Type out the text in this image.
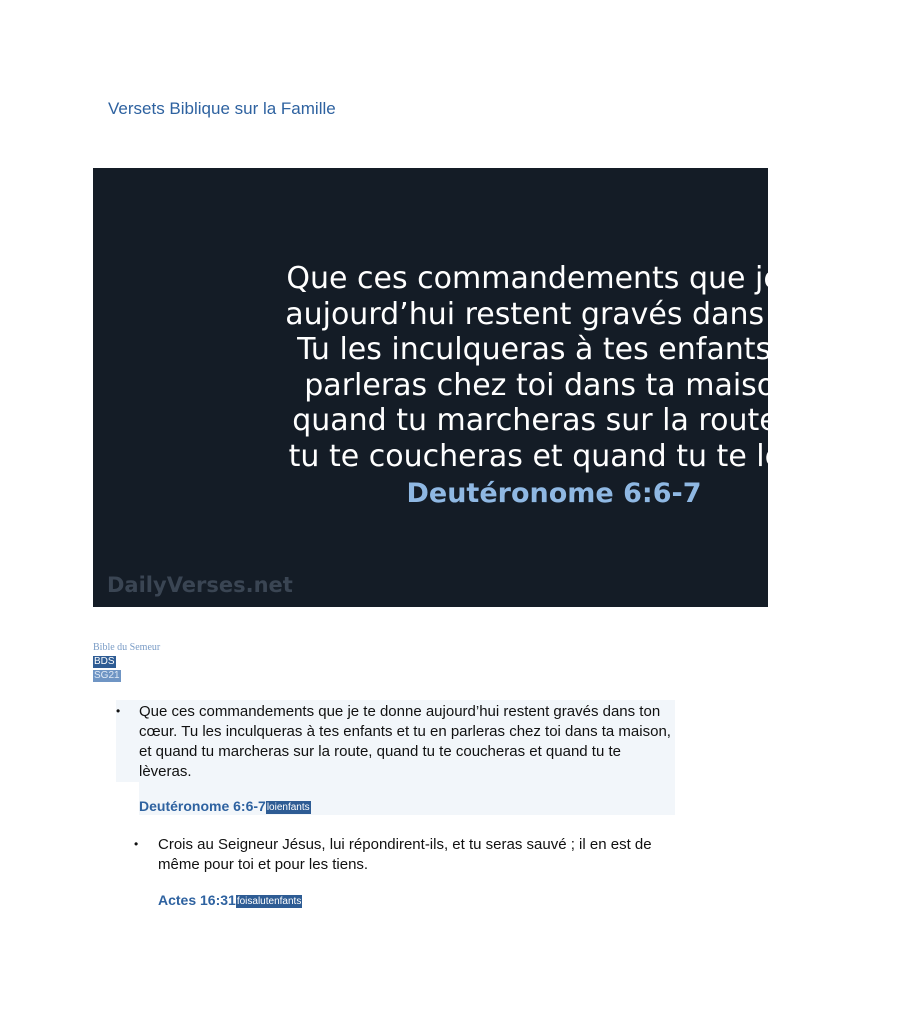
Versets Biblique sur la Famille
Que ces commandements que je te
aujourd’hui restent gravés dans ton
Tu les inculqueras à tes enfants et
parleras chez toi dans ta maison,
quand tu marcheras sur la route, q
tu te coucheras et quand tu te lève
Deutéronome 6:6-7
DailyVerses.net
Bible du Semeur
BDS
SG21
• Que ces commandements que je te donne aujourd’hui restent gravés dans ton cœur. Tu les inculqueras à tes enfants et tu en parleras chez toi dans ta maison, et quand tu marcheras sur la route, quand tu te coucheras et quand tu te lèveras.
Deutéronome 6:6-7loienfants
• Crois au Seigneur Jésus, lui répondirent-ils, et tu seras sauvé ; il en est de même pour toi et pour les tiens.
Actes 16:31foisalutenfants
